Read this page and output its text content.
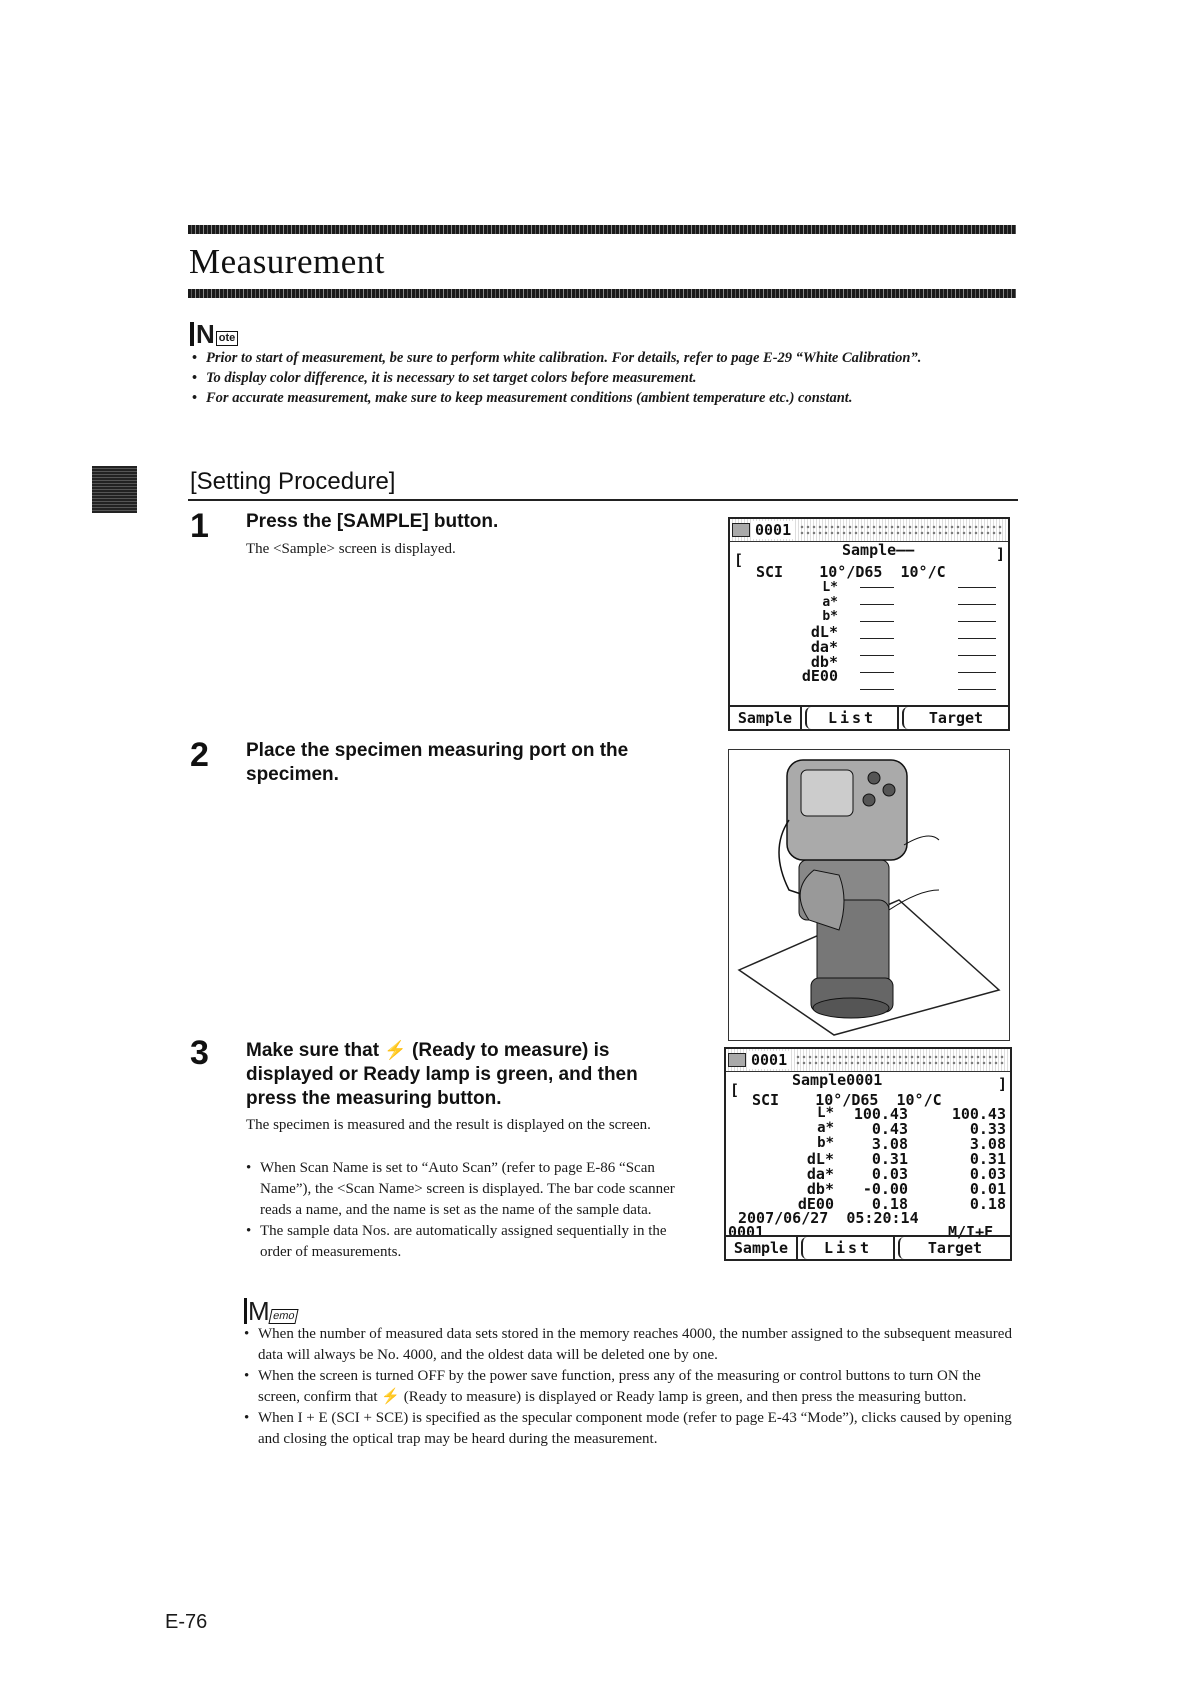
Measurement
N ote
• Prior to start of measurement, be sure to perform white calibration. For details, refer to page E-29 “White Calibration”.
• To display color difference, it is necessary to set target colors before measurement.
• For accurate measurement, make sure to keep measurement conditions (ambient temperature etc.) constant.
[Setting Procedure]
1 Press the [SAMPLE] button.
The <Sample> screen is displayed.
0001
Sample——
[	]
SCI    10°/D65  10°/C
L*
a*
b*
dL*
da*
db*
dE00
Sample	List	Target
2 Place the specimen measuring port on the specimen.
3 Make sure that ⚡ (Ready to measure) is displayed or Ready lamp is green, and then press the measuring button.
The specimen is measured and the result is displayed on the screen.
• When Scan Name is set to “Auto Scan” (refer to page E-86 “Scan Name”), the <Scan Name> screen is displayed. The bar code scanner reads a name, and the name is set as the name of the sample data.
• The sample data Nos. are automatically assigned sequentially in the order of measurements.
0001
Sample0001
[	]
SCI    10°/D65  10°/C
L*	100.43	100.43
a*	0.43	0.33
b*	3.08	3.08
dL*	0.31	0.31
da*	0.03	0.03
db*	-0.00	0.01
dE00	0.18	0.18
2007/06/27  05:20:14
0001	M/I+E
Sample	List	Target
M emo
• When the number of measured data sets stored in the memory reaches 4000, the number assigned to the subsequent measured data will always be No. 4000, and the oldest data will be deleted one by one.
• When the screen is turned OFF by the power save function, press any of the measuring or control buttons to turn ON the screen, confirm that ⚡ (Ready to measure) is displayed or Ready lamp is green, and then press the measuring button.
• When I + E (SCI + SCE) is specified as the specular component mode (refer to page E-43 “Mode”), clicks caused by opening and closing the optical trap may be heard during the measurement.
E-76
